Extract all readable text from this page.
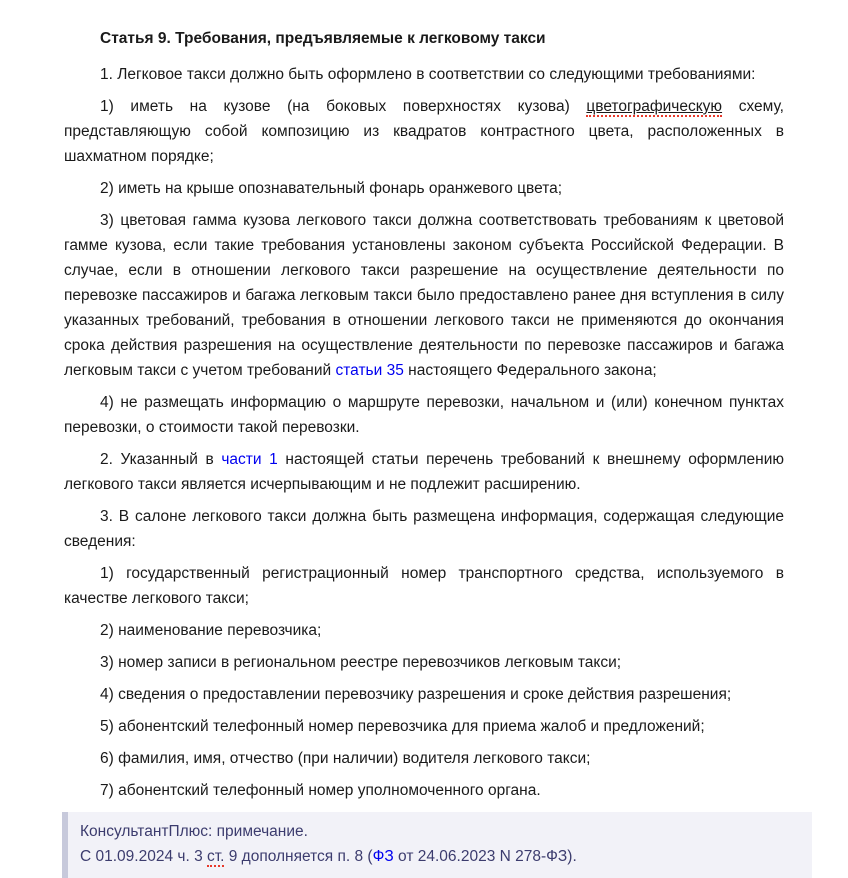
Статья 9. Требования, предъявляемые к легковому такси

1. Легковое такси должно быть оформлено в соответствии со следующими требованиями:

1) иметь на кузове (на боковых поверхностях кузова) цветографическую схему, представляющую собой композицию из квадратов контрастного цвета, расположенных в шахматном порядке;

2) иметь на крыше опознавательный фонарь оранжевого цвета;

3) цветовая гамма кузова легкового такси должна соответствовать требованиям к цветовой гамме кузова, если такие требования установлены законом субъекта Российской Федерации. В случае, если в отношении легкового такси разрешение на осуществление деятельности по перевозке пассажиров и багажа легковым такси было предоставлено ранее дня вступления в силу указанных требований, требования в отношении легкового такси не применяются до окончания срока действия разрешения на осуществление деятельности по перевозке пассажиров и багажа легковым такси с учетом требований статьи 35 настоящего Федерального закона;

4) не размещать информацию о маршруте перевозки, начальном и (или) конечном пунктах перевозки, о стоимости такой перевозки.

2. Указанный в части 1 настоящей статьи перечень требований к внешнему оформлению легкового такси является исчерпывающим и не подлежит расширению.

3. В салоне легкового такси должна быть размещена информация, содержащая следующие сведения:

1) государственный регистрационный номер транспортного средства, используемого в качестве легкового такси;

2) наименование перевозчика;

3) номер записи в региональном реестре перевозчиков легковым такси;

4) сведения о предоставлении перевозчику разрешения и сроке действия разрешения;

5) абонентский телефонный номер перевозчика для приема жалоб и предложений;

6) фамилия, имя, отчество (при наличии) водителя легкового такси;

7) абонентский телефонный номер уполномоченного органа.

КонсультантПлюс: примечание.
С 01.09.2024 ч. 3 ст. 9 дополняется п. 8 (ФЗ от 24.06.2023 N 278-ФЗ).
